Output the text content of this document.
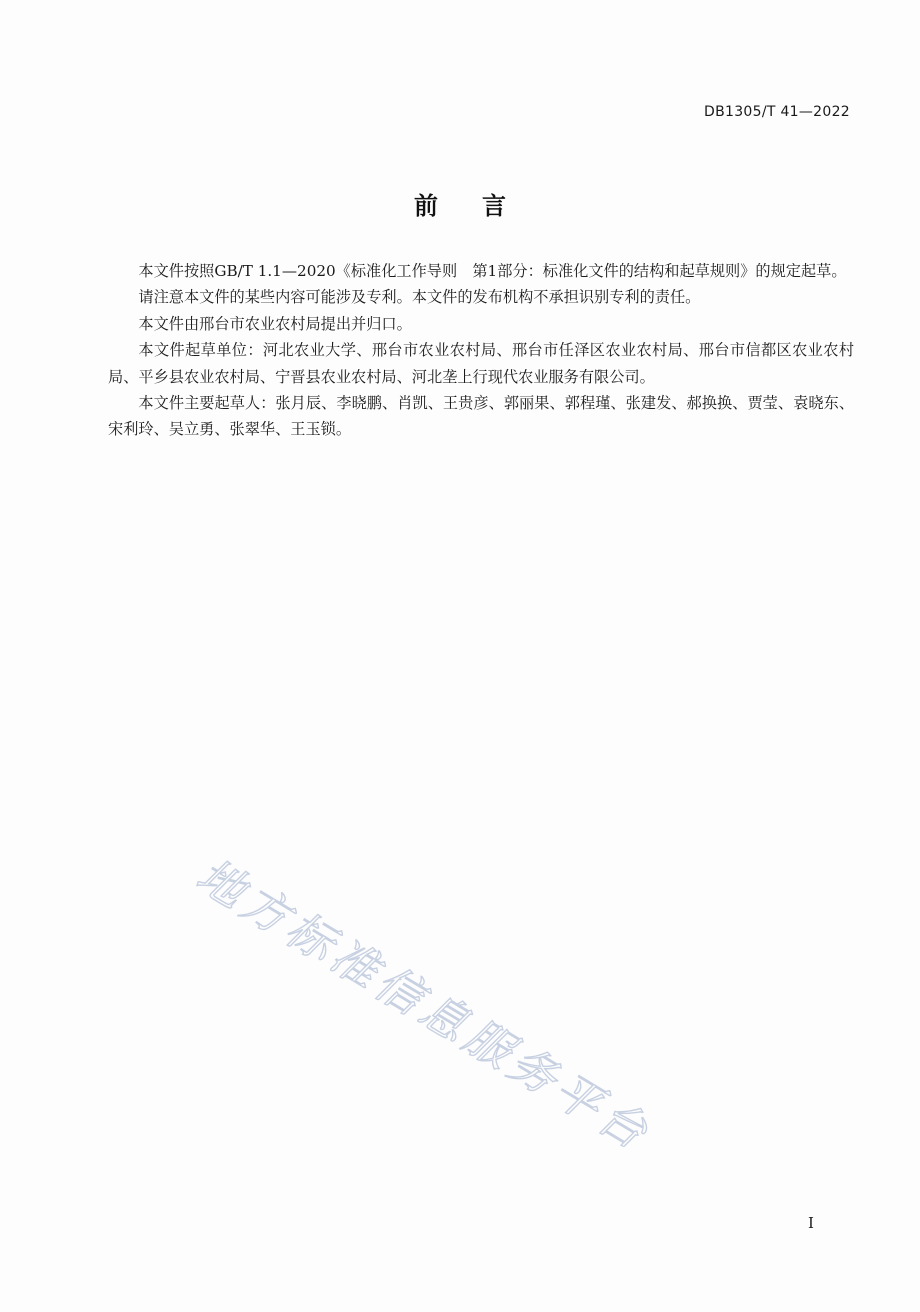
DB1305/T 41—2022
前言

本文件按照GB/T 1.1—2020《标准化工作导则　第1部分：标准化文件的结构和起草规则》的规定起草。

请注意本文件的某些内容可能涉及专利。本文件的发布机构不承担识别专利的责任。

本文件由邢台市农业农村局提出并归口。

本文件起草单位：河北农业大学、邢台市农业农村局、邢台市任泽区农业农村局、邢台市信都区农业农村局、平乡县农业农村局、宁晋县农业农村局、河北垄上行现代农业服务有限公司。

本文件主要起草人：张月辰、李晓鹏、肖凯、王贵彦、郭丽果、郭程瑾、张建发、郝换换、贾莹、袁晓东、宋利玲、吴立勇、张翠华、王玉锁。

地方标准信息服务平台
I
